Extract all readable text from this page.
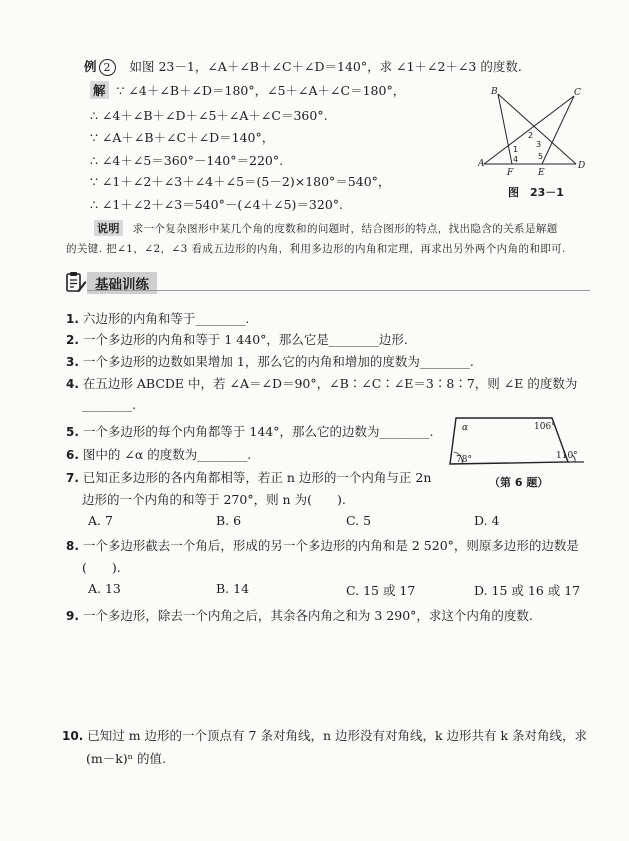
例 2 如图 23－1，∠A＋∠B＋∠C＋∠D＝140°，求 ∠1＋∠2＋∠3 的度数.
解 ∵ ∠4＋∠B＋∠D＝180°，∠5＋∠A＋∠C＝180°，
∴ ∠4＋∠B＋∠D＋∠5＋∠A＋∠C＝360°.
∵ ∠A＋∠B＋∠C＋∠D＝140°，
∴ ∠4＋∠5＝360°－140°＝220°.
∵ ∠1＋∠2＋∠3＋∠4＋∠5＝(5－2)×180°＝540°，
∴ ∠1＋∠2＋∠3＝540°－(∠4＋∠5)＝320°.
说明 求一个复杂图形中某几个角的度数和的问题时，结合图形的特点，找出隐含的关系是解题
的关键. 把∠1，∠2，∠3 看成五边形的内角，利用多边形的内角和定理，再求出另外两个内角的和即可.
B	C
A	D
F	E
1
2
3
4 5
图　23－1
基础训练
1. 六边形的内角和等于________.
2. 一个多边形的内角和等于 1 440°，那么它是________边形.
3. 一个多边形的边数如果增加 1，那么它的内角和增加的度数为________.
4. 在五边形 ABCDE 中，若 ∠A＝∠D＝90°，∠B∶∠C∶∠E＝3∶8∶7，则 ∠E 的度数为
________.
5. 一个多边形的每个内角都等于 144°，那么它的边数为________.
6. 图中的 ∠α 的度数为________.
7. 已知正多边形的各内角都相等，若正 n 边形的一个内角与正 2n
边形的一个内角的和等于 270°，则 n 为(　　).
A. 7	B. 6	C. 5	D. 4
α	106°
78°	110°
（第 6 题）
8. 一个多边形截去一个角后，形成的另一个多边形的内角和是 2 520°，则原多边形的边数是
(　　).
A. 13	B. 14	C. 15 或 17	D. 15 或 16 或 17
9. 一个多边形，除去一个内角之后，其余各内角之和为 3 290°，求这个内角的度数.
10. 已知过 m 边形的一个顶点有 7 条对角线，n 边形没有对角线，k 边形共有 k 条对角线，求
(m－k)ⁿ 的值.
